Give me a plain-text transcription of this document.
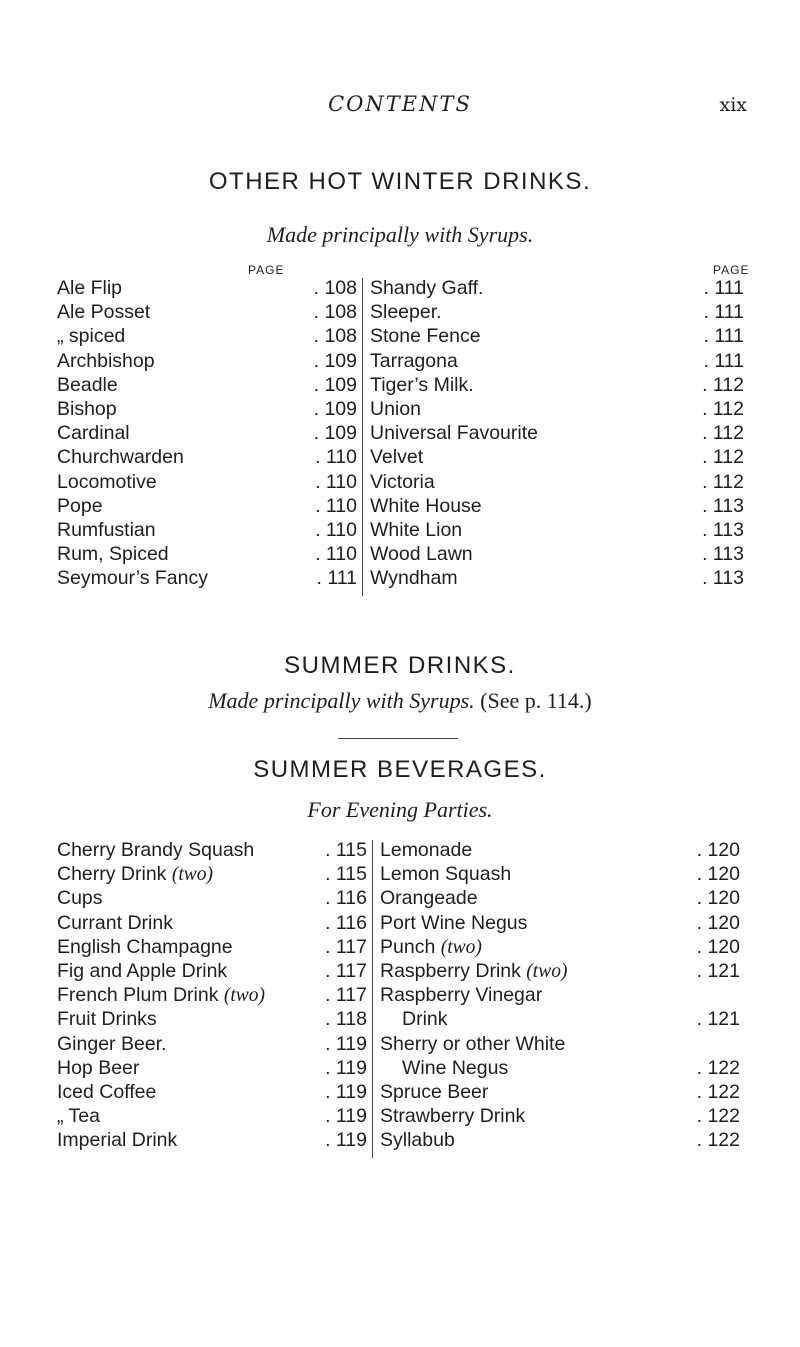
CONTENTS	xix
OTHER HOT WINTER DRINKS.
Made principally with Syrups.
PAGE	PAGE
Ale Flip	. 108
Ale Posset	. 108
„ spiced	. 108
Archbishop	. 109
Beadle	. 109
Bishop	. 109
Cardinal	. 109
Churchwarden	. 110
Locomotive	. 110
Pope	. 110
Rumfustian	. 110
Rum, Spiced	. 110
Seymour’s Fancy	. 111
Shandy Gaff.	. 111
Sleeper.	. 111
Stone Fence	. 111
Tarragona	. 111
Tiger’s Milk.	. 112
Union	. 112
Universal Favourite	. 112
Velvet	. 112
Victoria	. 112
White House	. 113
White Lion	. 113
Wood Lawn	. 113
Wyndham	. 113
SUMMER DRINKS.
Made principally with Syrups. (See p. 114.)
SUMMER BEVERAGES.
For Evening Parties.
Cherry Brandy Squash	. 115
Cherry Drink (two)	. 115
Cups	. 116
Currant Drink	. 116
English Champagne	. 117
Fig and Apple Drink	. 117
French Plum Drink (two)	. 117
Fruit Drinks	. 118
Ginger Beer.	. 119
Hop Beer	. 119
Iced Coffee	. 119
„ Tea	. 119
Imperial Drink	. 119
Lemonade	. 120
Lemon Squash	. 120
Orangeade	. 120
Port Wine Negus	. 120
Punch (two)	. 120
Raspberry Drink (two)	. 121
Raspberry Vinegar
Drink	. 121
Sherry or other White
Wine Negus	. 122
Spruce Beer	. 122
Strawberry Drink	. 122
Syllabub	. 122
